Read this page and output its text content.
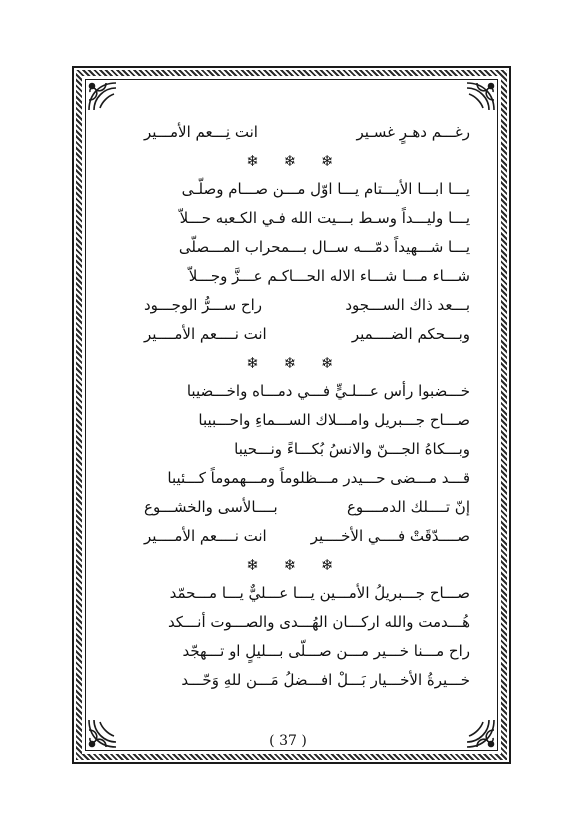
رغـــم دهـرٍ غسـير
انت نِـــعم الأمـــير
❄ ❄ ❄
يـــا ابـــا الأيـــتام يـــا اوّل مـــن صـــام وصلّـى
يـــا وليـــداً وسـط بـــيت الله فـي الكـعبه حـــلاّ
يـــا شـــهيداً دمّـــه ســال بـــمحراب المـــصلّى
شـــاء مـــا شـــاء الاله الحـــاكـم عـــزَّ وجـــلاّ
بـــعد ذاك الســـجود
راح ســـرُّ الوجـــود
وبـــحكم الضــــمير
انت نــــعم الأمــــير
❄ ❄ ❄
خـــضبوا رأس عـــلـيٍّ فـــي دمـــاه واخـــضيبا
صـــاح جـــبريل وامـــلاك الســـماءِ واحـــبيبا
وبـــكاهُ الجـــنّ والانسُ بُكـــاءً ونـــحيبا
قـــد مـــضى حـــيدر مـــظلوماً ومـــهموماً كـــئيبا
إنّ تــــلك الدمــــوع
بــــالأسى والخشـــوع
صــــدّقَتْ فــــي الأخــــير
انت نــــعم الأمــــير
❄ ❄ ❄
صـــاح جـــبريلُ الأمـــين يـــا عـــليٌّ يـــا مـــحمّد
هُـــدمت والله اركـــان الهُـــدى والصـــوت أنـــكد
راح مـــنا خـــير مـــن صـــلّى بـــليلٍ او تـــهجّد
خـــيرةُ الأخـــيار بَـــلْ افـــضلُ مَـــن للهِ وَحّـــد
( 37 )
